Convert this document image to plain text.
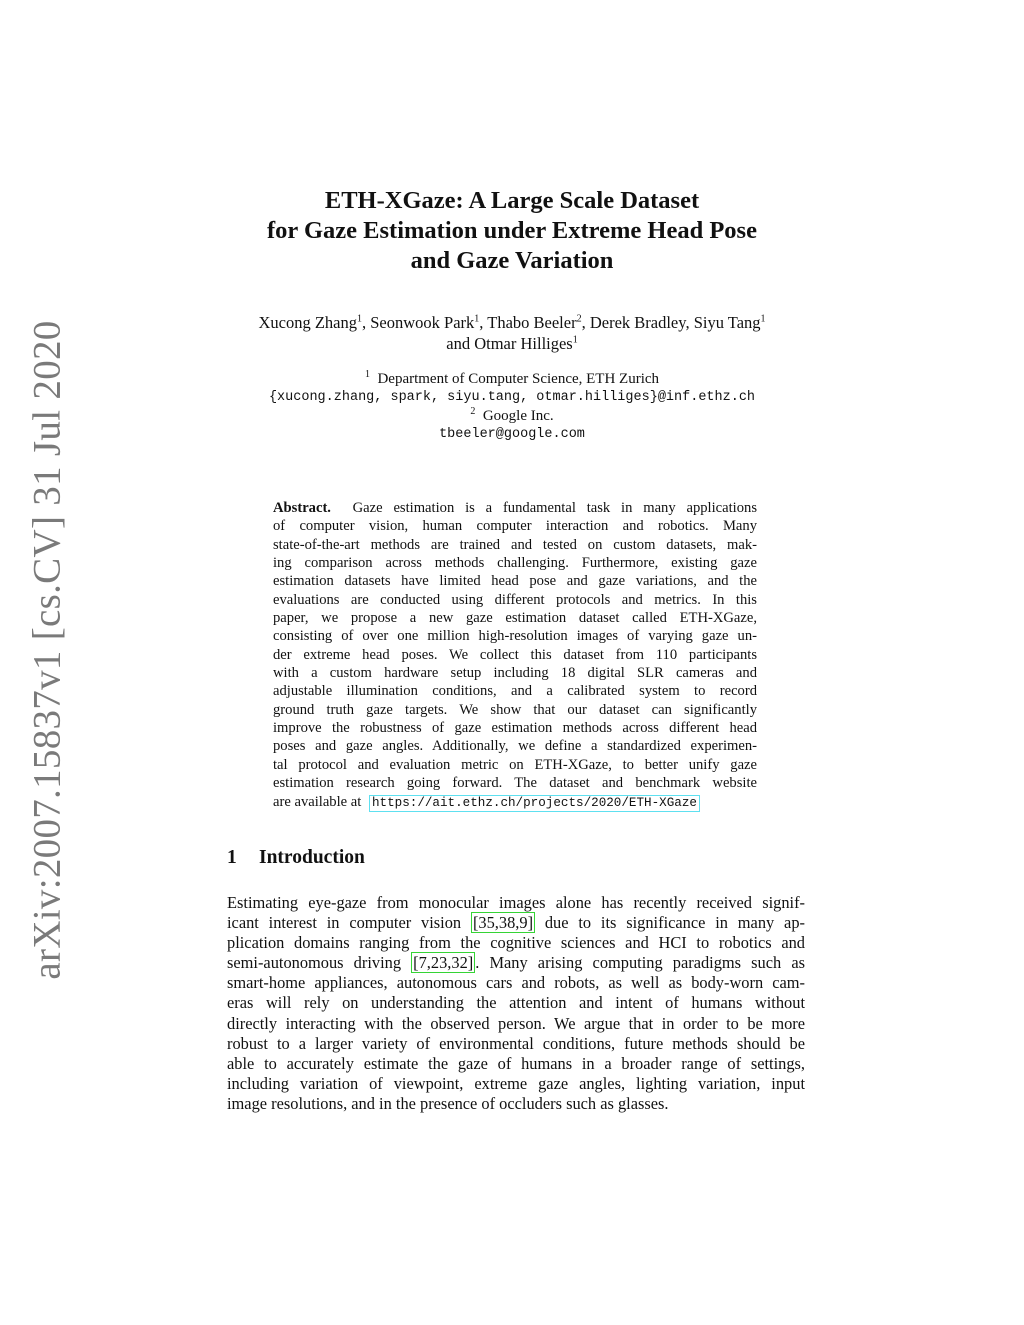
arXiv:2007.15837v1 [cs.CV] 31 Jul 2020
ETH-XGaze: A Large Scale Dataset
for Gaze Estimation under Extreme Head Pose
and Gaze Variation
Xucong Zhang$^1$, Seonwook Park$^1$, Thabo Beeler$^2$, Derek Bradley, Siyu Tang$^1$
and Otmar Hilliges$^1$
$^1$ Department of Computer Science, ETH Zurich
{xucong.zhang, spark, siyu.tang, otmar.hilliges}@inf.ethz.ch
$^2$ Google Inc.
tbeeler@google.com
Abstract. Gaze estimation is a fundamental task in many applications
of computer vision, human computer interaction and robotics. Many
state-of-the-art methods are trained and tested on custom datasets, mak-
ing comparison across methods challenging. Furthermore, existing gaze
estimation datasets have limited head pose and gaze variations, and the
evaluations are conducted using different protocols and metrics. In this
paper, we propose a new gaze estimation dataset called ETH-XGaze,
consisting of over one million high-resolution images of varying gaze un-
der extreme head poses. We collect this dataset from 110 participants
with a custom hardware setup including 18 digital SLR cameras and
adjustable illumination conditions, and a calibrated system to record
ground truth gaze targets. We show that our dataset can significantly
improve the robustness of gaze estimation methods across different head
poses and gaze angles. Additionally, we define a standardized experimen-
tal protocol and evaluation metric on ETH-XGaze, to better unify gaze
estimation research going forward. The dataset and benchmark website
are available at https://ait.ethz.ch/projects/2020/ETH-XGaze
1 Introduction
Estimating eye-gaze from monocular images alone has recently received signif-
icant interest in computer vision [35,38,9] due to its significance in many ap-
plication domains ranging from the cognitive sciences and HCI to robotics and
semi-autonomous driving [7,23,32] . Many arising computing paradigms such as
smart-home appliances, autonomous cars and robots, as well as body-worn cam-
eras will rely on understanding the attention and intent of humans without
directly interacting with the observed person. We argue that in order to be more
robust to a larger variety of environmental conditions, future methods should be
able to accurately estimate the gaze of humans in a broader range of settings,
including variation of viewpoint, extreme gaze angles, lighting variation, input
image resolutions, and in the presence of occluders such as glasses.
